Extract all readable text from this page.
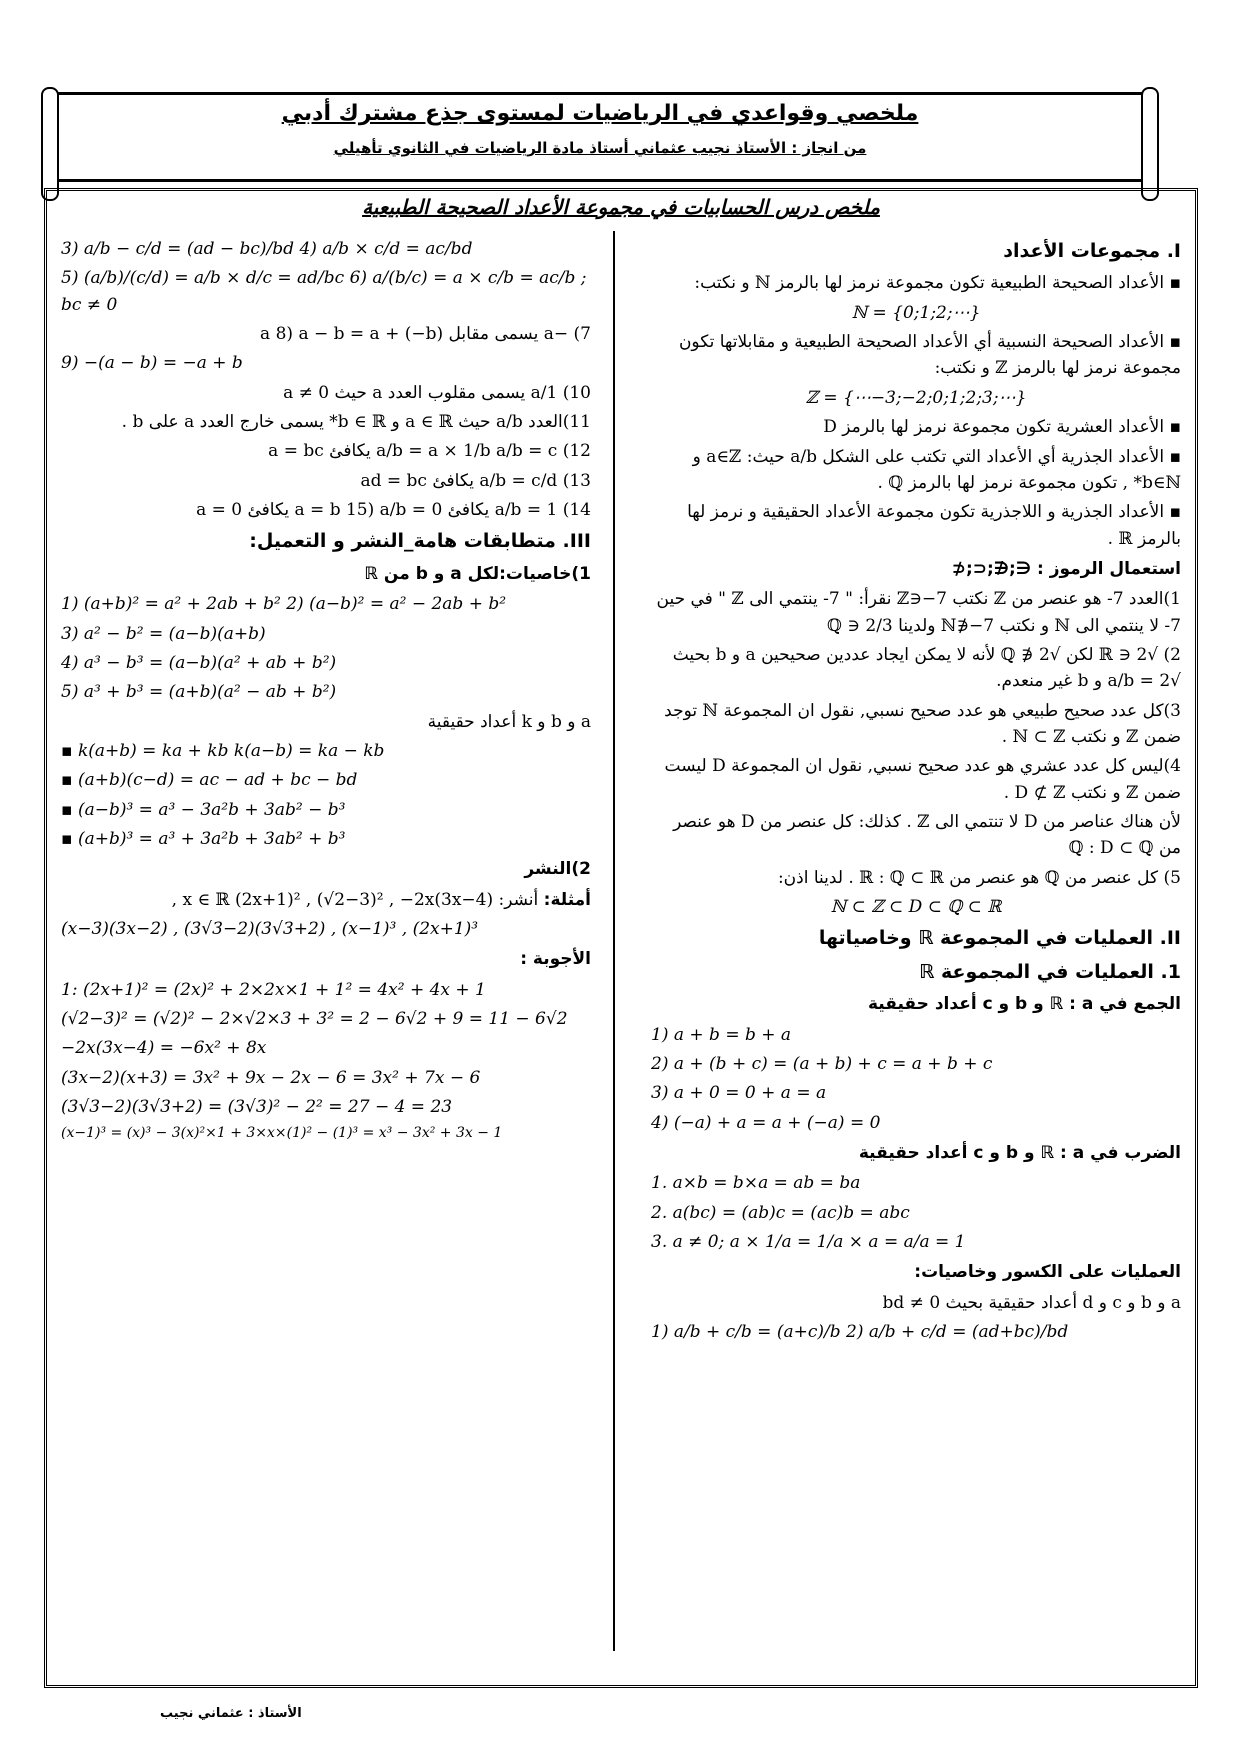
ملخصي وقواعدي في الرياضيات لمستوى جذع مشترك أدبي
من انجاز : الأستاذ نجيب عثماني أستاذ مادة الرياضيات في الثانوي تأهيلي
ملخص درس الحسابيات في مجموعة الأعداد الصحيحة الطبيعية
I. مجموعات الأعداد
▪ الأعداد الصحيحة الطبيعية تكون مجموعة نرمز لها بالرمز ℕ و نكتب:
ℕ = {0;1;2;⋯}
▪ الأعداد الصحيحة النسبية أي الأعداد الصحيحة الطبيعية و مقابلاتها تكون مجموعة نرمز لها بالرمز ℤ و نكتب:
ℤ = {⋯−3;−2;0;1;2;3;⋯}
▪ الأعداد العشرية تكون مجموعة نرمز لها بالرمز D
▪ الأعداد الجذرية أي الأعداد التي تكتب على الشكل a/b حيث: a∈ℤ و b∈ℕ* , تكون مجموعة نرمز لها بالرمز ℚ .
▪ الأعداد الجذرية و اللاجذرية تكون مجموعة الأعداد الحقيقية و نرمز لها بالرمز ℝ .
استعمال الرموز : ∈;∉;⊂;⊄
1)العدد 7- هو عنصر من ℤ نكتب 7−∈ℤ نقرأ: " 7- ينتمي الى ℤ " في حين 7- لا ينتمي الى ℕ و نكتب 7−∉ℕ ولدينا 2/3 ∈ ℚ
2) √2 ∈ ℝ لكن √2 ∉ ℚ لأنه لا يمكن ايجاد عددين صحيحين a و b بحيث √2 = a/b و b غير منعدم.
3)كل عدد صحيح طبيعي هو عدد صحيح نسبي, نقول ان المجموعة ℕ توجد ضمن ℤ و نكتب ℕ ⊂ ℤ .
4)ليس كل عدد عشري هو عدد صحيح نسبي, نقول ان المجموعة D ليست ضمن ℤ و نكتب D ⊄ ℤ .
لأن هناك عناصر من D لا تنتمي الى ℤ . كذلك: كل عنصر من D هو عنصر من ℚ : D ⊂ ℚ
5) كل عنصر من ℚ هو عنصر من ℝ : ℚ ⊂ ℝ . لدينا اذن:
ℕ ⊂ ℤ ⊂ D ⊂ ℚ ⊂ ℝ
II. العمليات في المجموعة ℝ وخاصياتها
1. العمليات في المجموعة ℝ
الجمع في ℝ : a و b و c أعداد حقيقية
1) a + b = b + a
2) a + (b + c) = (a + b) + c = a + b + c
3) a + 0 = 0 + a = a
4) (−a) + a = a + (−a) = 0
الضرب في ℝ : a و b و c أعداد حقيقية
1. a×b = b×a = ab = ba
2. a(bc) = (ab)c = (ac)b = abc
3. a ≠ 0; a × 1/a = 1/a × a = a/a = 1
العمليات على الكسور وخاصيات:
a و b و c و d أعداد حقيقية بحيث bd ≠ 0
1) a/b + c/b = (a+c)/b 2) a/b + c/d = (ad+bc)/bd
3) a/b − c/d = (ad − bc)/bd 4) a/b × c/d = ac/bd
5) (a/b)/(c/d) = a/b × d/c = ad/bc 6) a/(b/c) = a × c/b = ac/b ; bc ≠ 0
7) −a يسمى مقابل a 8) a − b = a + (−b)
9) −(a − b) = −a + b
10) 1/a يسمى مقلوب العدد a حيث a ≠ 0
11)العدد a/b حيث a ∈ ℝ و b ∈ ℝ* يسمى خارج العدد a على b .
12) a/b = a × 1/b a/b = c يكافئ a = bc
13) a/b = c/d يكافئ ad = bc
14) a/b = 1 يكافئ a = b 15) a/b = 0 يكافئ a = 0
III. متطابقات هامة_النشر و التعميل:
1)خاصيات:لكل a و b من ℝ
1) (a+b)² = a² + 2ab + b² 2) (a−b)² = a² − 2ab + b²
3) a² − b² = (a−b)(a+b)
4) a³ − b³ = (a−b)(a² + ab + b²)
5) a³ + b³ = (a+b)(a² − ab + b²)
a و b و k أعداد حقيقية
▪ k(a+b) = ka + kb k(a−b) = ka − kb
▪ (a+b)(c−d) = ac − ad + bc − bd
▪ (a−b)³ = a³ − 3a²b + 3ab² − b³
▪ (a+b)³ = a³ + 3a²b + 3ab² + b³
2)النشر
أمثلة: أنشر: x ∈ ℝ (2x+1)² , (√2−3)² , −2x(3x−4) ,
(x−3)(3x−2) , (3√3−2)(3√3+2) , (x−1)³ , (2x+1)³
الأجوبة :
1: (2x+1)² = (2x)² + 2×2x×1 + 1² = 4x² + 4x + 1
(√2−3)² = (√2)² − 2×√2×3 + 3² = 2 − 6√2 + 9 = 11 − 6√2
−2x(3x−4) = −6x² + 8x
(3x−2)(x+3) = 3x² + 9x − 2x − 6 = 3x² + 7x − 6
(3√3−2)(3√3+2) = (3√3)² − 2² = 27 − 4 = 23
(x−1)³ = (x)³ − 3(x)²×1 + 3×x×(1)² − (1)³ = x³ − 3x² + 3x − 1
الأستاذ : عثماني نجيب
